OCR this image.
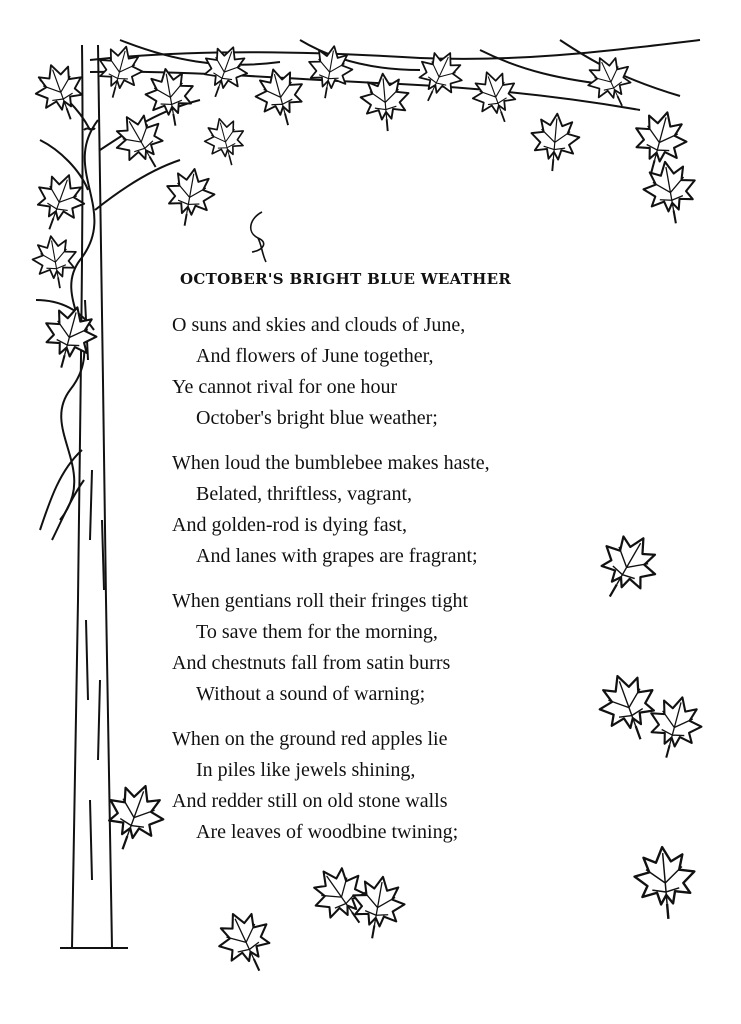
OCTOBER'S BRIGHT BLUE WEATHER
O suns and skies and clouds of June,
And flowers of June together,
Ye cannot rival for one hour
October's bright blue weather;
When loud the bumblebee makes haste,
Belated, thriftless, vagrant,
And golden-rod is dying fast,
And lanes with grapes are fragrant;
When gentians roll their fringes tight
To save them for the morning,
And chestnuts fall from satin burrs
Without a sound of warning;
When on the ground red apples lie
In piles like jewels shining,
And redder still on old stone walls
Are leaves of woodbine twining;
